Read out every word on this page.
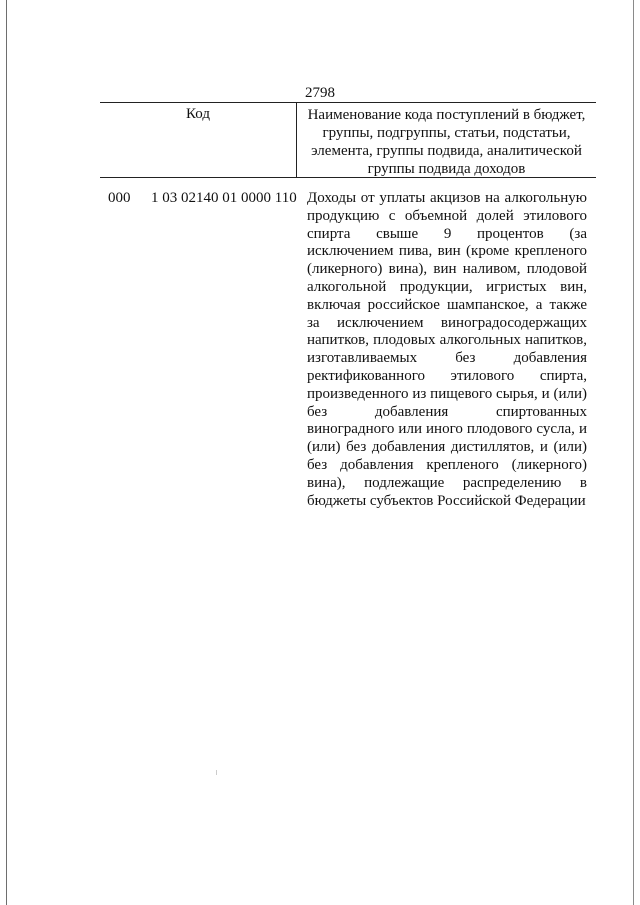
2798
Код	Наименование кода поступлений в бюджет, группы, подгруппы, статьи, подстатьи, элемента, группы подвида, аналитической группы подвида доходов
000 1 03 02140 01 0000 110 Доходы от уплаты акцизов на алкогольную продукцию с объемной долей этилового спирта свыше 9 процентов (за исключением пива, вин (кроме крепленого (ликерного) вина), вин наливом, плодовой алкогольной продукции, игристых вин, включая российское шампанское, а также за исключением виноградосодержащих напитков, плодовых алкогольных напитков, изготавливаемых без добавления ректификованного этилового спирта, произведенного из пищевого сырья, и (или) без добавления спиртованных виноградного или иного плодового сусла, и (или) без добавления дистиллятов, и (или) без добавления крепленого (ликерного) вина), подлежащие распределению в бюджеты субъектов Российской Федерации
